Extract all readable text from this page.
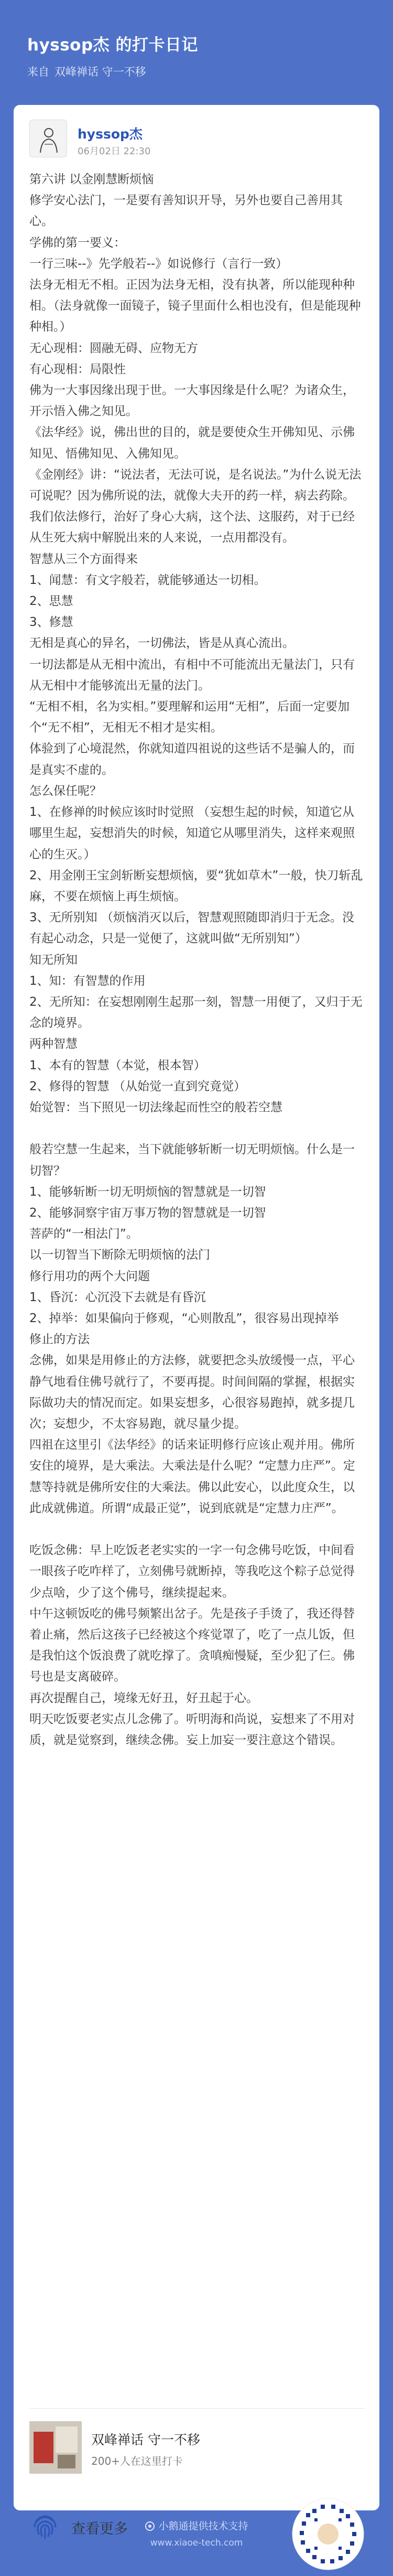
hyssop杰 的打卡日记
来自 双峰禅话 守一不移
hyssop杰
06月02日 22:30

第六讲 以金刚慧断烦恼

修学安心法门，一是要有善知识开导，另外也要自己善用其心。

学佛的第一要义：

一行三味--》先学般若--》如说修行（言行一致）

法身无相无不相。正因为法身无相，没有执著，所以能现种种相。（法身就像一面镜子，镜子里面什么相也没有，但是能现种种相。）

无心现相：圆融无碍、应物无方

有心现相：局限性

佛为一大事因缘出现于世。一大事因缘是什么呢？为诸众生，开示悟入佛之知见。

《法华经》说，佛出世的目的，就是要使众生开佛知见、示佛知见、悟佛知见、入佛知见。

《金刚经》讲：“说法者，无法可说，是名说法。”为什么说无法可说呢？因为佛所说的法，就像大夫开的药一样，病去药除。我们依法修行，治好了身心大病，这个法、这服药，对于已经从生死大病中解脱出来的人来说，一点用都没有。

智慧从三个方面得来

1、闻慧：有文字般若，就能够通达一切相。

2、思慧

3、修慧

无相是真心的异名，一切佛法，皆是从真心流出。

一切法都是从无相中流出，有相中不可能流出无量法门，只有从无相中才能够流出无量的法门。

“无相不相，名为实相。”要理解和运用“无相”，后面一定要加个“无不相”，无相无不相才是实相。

体验到了心境混然，你就知道四祖说的这些话不是骗人的，而是真实不虚的。

怎么保任呢？

1、在修禅的时候应该时时觉照 （妄想生起的时候，知道它从哪里生起，妄想消失的时候，知道它从哪里消失，这样来观照心的生灭。）

2、用金刚王宝剑斩断妄想烦恼，要“犹如草木”一般，快刀斩乱麻，不要在烦恼上再生烦恼。

3、无所别知 （烦恼消灭以后，智慧观照随即消归于无念。没有起心动念，只是一觉便了，这就叫做“无所别知”）

知无所知

1、知：有智慧的作用

2、无所知：在妄想刚刚生起那一刻，智慧一用便了，又归于无念的境界。

两种智慧

1、本有的智慧（本觉，根本智）

2、修得的智慧 （从始觉一直到究竟觉）

始觉智：当下照见一切法缘起而性空的般若空慧

般若空慧一生起来，当下就能够斩断一切无明烦恼。什么是一切智？

1、能够斩断一切无明烦恼的智慧就是一切智

2、能够洞察宇宙万事万物的智慧就是一切智

菩萨的“一相法门”。

以一切智当下断除无明烦恼的法门

修行用功的两个大问题

1、昏沉：心沉没下去就是有昏沉

2、掉举：如果偏向于修观，“心则散乱”，很容易出现掉举

修止的方法

念佛，如果是用修止的方法修，就要把念头放缓慢一点，平心静气地看住佛号就行了，不要再提。时间间隔的掌握，根据实际做功夫的情况而定。如果妄想多，心很容易跑掉，就多提几次；妄想少，不太容易跑，就尽量少提。

四祖在这里引《法华经》的话来证明修行应该止观并用。佛所安住的境界，是大乘法。大乘法是什么呢？“定慧力庄严”。定慧等持就是佛所安住的大乘法。佛以此安心，以此度众生，以此成就佛道。所谓“成最正觉”，说到底就是“定慧力庄严”。

吃饭念佛：早上吃饭老老实实的一字一句念佛号吃饭，中间看一眼孩子吃咋样了，立刻佛号就断掉，等我吃这个粽子总觉得少点啥，少了这个佛号，继续提起来。

中午这顿饭吃的佛号频繁出岔子。先是孩子手烫了，我还得替着止痛，然后这孩子已经被这个疼觉罩了，吃了一点儿饭，但是我怕这个饭浪费了就吃撑了。贪嗔痴慢疑，至少犯了仨。佛号也是支离破碎。

再次提醒自己，境缘无好丑，好丑起于心。

明天吃饭要老实点儿念佛了。听明海和尚说，妄想来了不用对质，就是觉察到，继续念佛。妄上加妄一要注意这个错误。

双峰禅话 守一不移
200+人在这里打卡
查看更多	小鹅通提供技术支持
www.xiaoe-tech.com
